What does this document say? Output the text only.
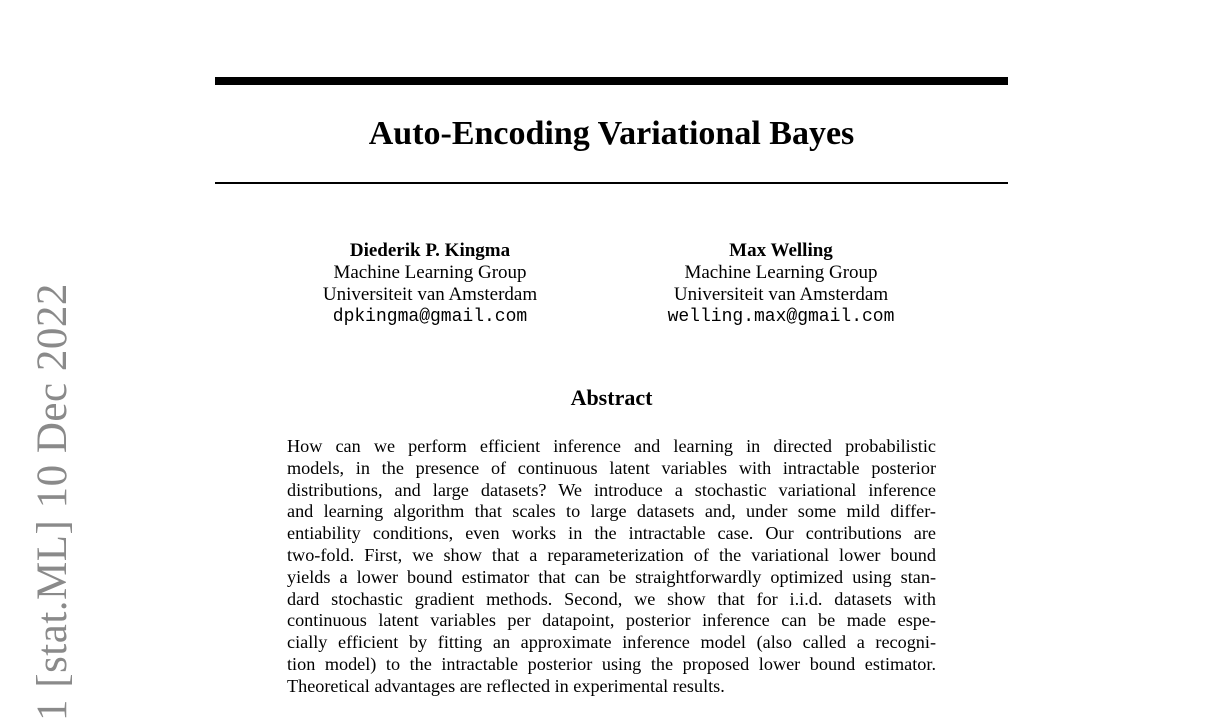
1 [stat.ML] 10 Dec 2022
Auto-Encoding Variational Bayes
Diederik P. Kingma
Machine Learning Group
Universiteit van Amsterdam
dpkingma@gmail.com
Max Welling
Machine Learning Group
Universiteit van Amsterdam
welling.max@gmail.com
Abstract
How can we perform efficient inference and learning in directed probabilistic
models, in the presence of continuous latent variables with intractable posterior
distributions, and large datasets? We introduce a stochastic variational inference
and learning algorithm that scales to large datasets and, under some mild differ-
entiability conditions, even works in the intractable case. Our contributions are
two-fold. First, we show that a reparameterization of the variational lower bound
yields a lower bound estimator that can be straightforwardly optimized using stan-
dard stochastic gradient methods. Second, we show that for i.i.d. datasets with
continuous latent variables per datapoint, posterior inference can be made espe-
cially efficient by fitting an approximate inference model (also called a recogni-
tion model) to the intractable posterior using the proposed lower bound estimator.
Theoretical advantages are reflected in experimental results.
